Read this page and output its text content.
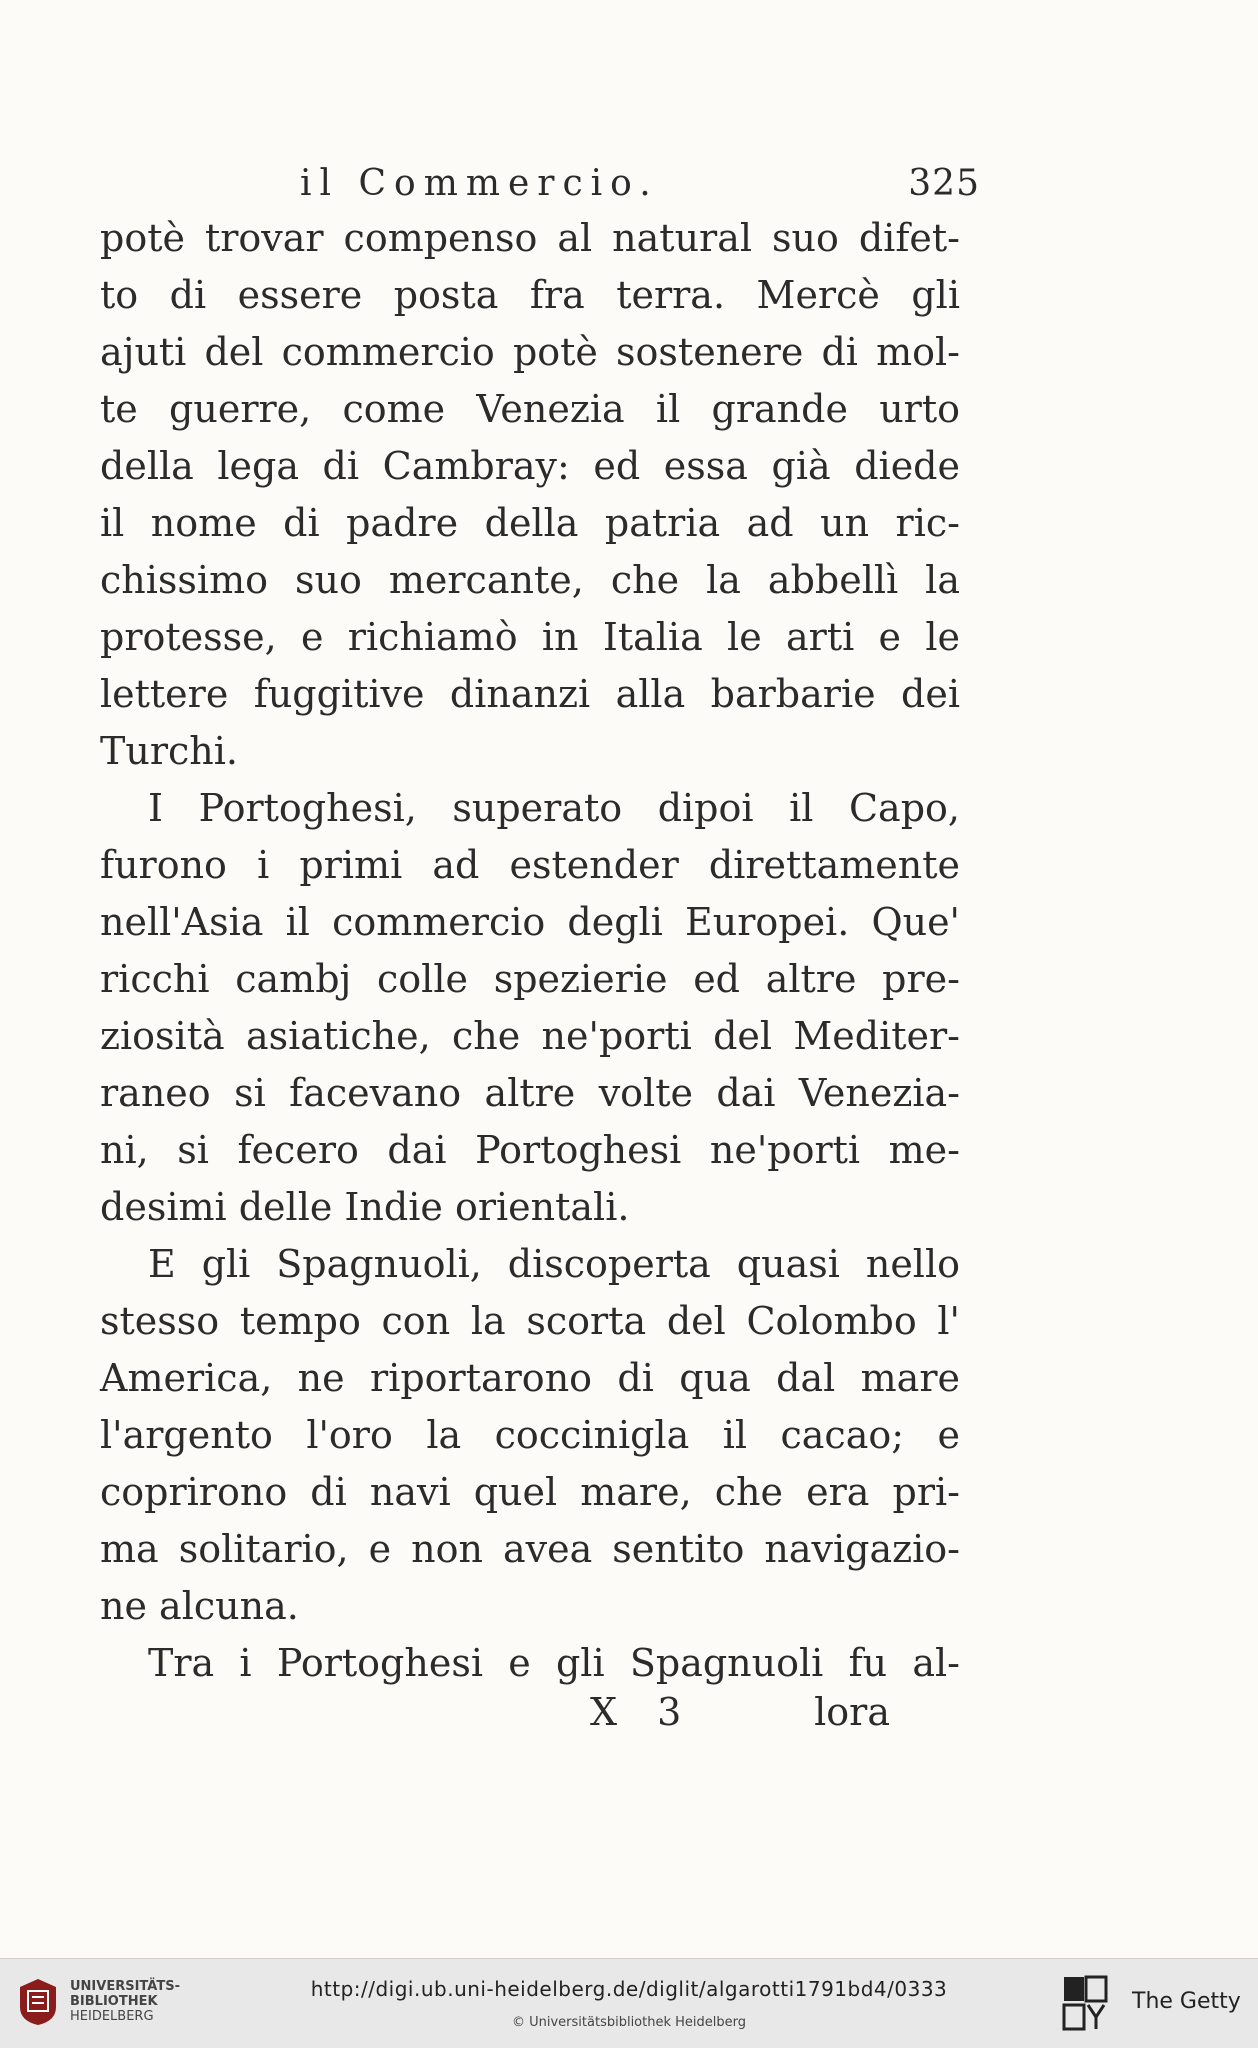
il Commercio.	325
potè trovar compenso al natural suo difet-
to di essere posta fra terra. Mercè gli
ajuti del commercio potè sostenere di mol-
te guerre, come Venezia il grande urto
della lega di Cambray: ed essa già diede
il nome di padre della patria ad un ric-
chissimo suo mercante, che la abbellì la
protesse, e richiamò in Italia le arti e le
lettere fuggitive dinanzi alla barbarie dei
Turchi.
I Portoghesi, superato dipoi il Capo,
furono i primi ad estender direttamente
nell'Asia il commercio degli Europei. Que'
ricchi cambj colle spezierie ed altre pre-
ziosità asiatiche, che ne'porti del Mediter-
raneo si facevano altre volte dai Venezia-
ni, si fecero dai Portoghesi ne'porti me-
desimi delle Indie orientali.
E gli Spagnuoli, discoperta quasi nello
stesso tempo con la scorta del Colombo l'
America, ne riportarono di qua dal mare
l'argento l'oro la coccinigla il cacao; e
coprirono di navi quel mare, che era pri-
ma solitario, e non avea sentito navigazio-
ne alcuna.
Tra i Portoghesi e gli Spagnuoli fu al-
X 3	lora
UNIVERSITÄTS-
BIBLIOTHEK
HEIDELBERG
http://digi.ub.uni-heidelberg.de/diglit/algarotti1791bd4/0333
© Universitätsbibliothek Heidelberg
The Getty
